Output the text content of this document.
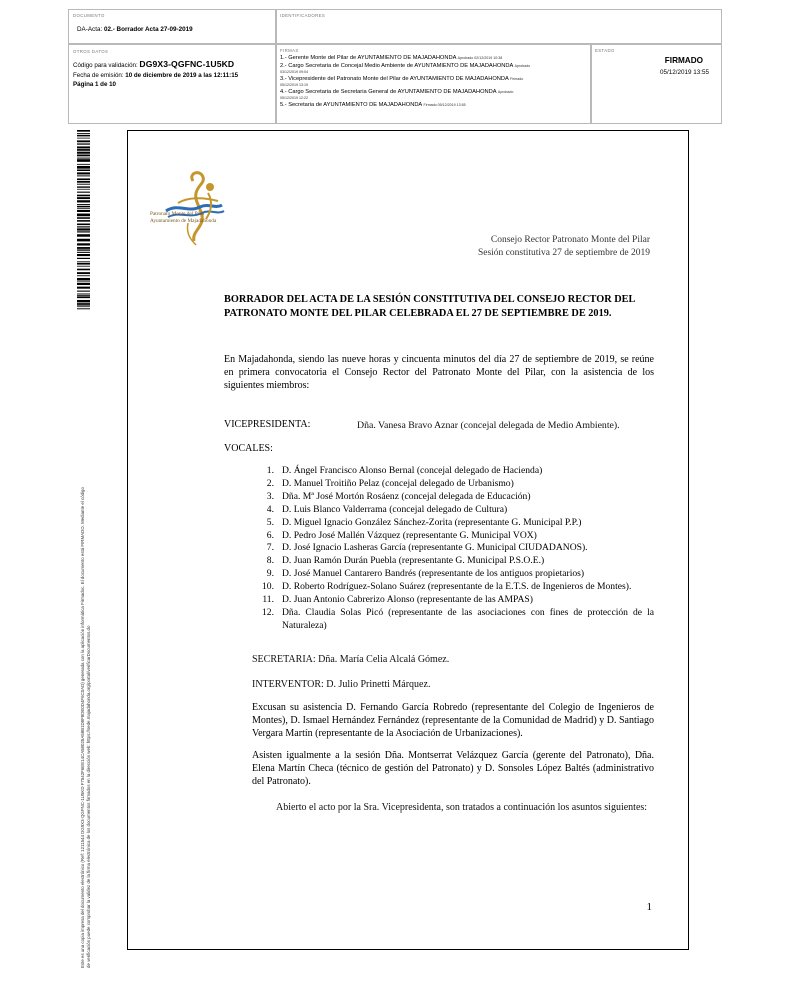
DOCUMENTO
DA-Acta: 02.- Borrador Acta 27-09-2019
IDENTIFICADORES
OTROS DATOS
Código para validación: DG9X3-QGFNC-1U5KD
Fecha de emisión: 10 de diciembre de 2019 a las 12:11:15
Página 1 de 10
FIRMAS
1.- Gerente Monte del Pilar de AYUNTAMIENTO DE MAJADAHONDA Aprobado 02/12/2019 10:38
2.- Cargo Secretaria de Concejal Medio Ambiente de AYUNTAMIENTO DE MAJADAHONDA Aprobado
03/12/2019 09:04
3.- Vicepresidente del Patronato Monte del Pilar de AYUNTAMIENTO DE MAJADAHONDA Firmado
05/12/2019 13:19
4.- Cargo Secretaria de Secretaria General de AYUNTAMIENTO DE MAJADAHONDA Aprobado
05/12/2019 12:22
5.- Secretaria de AYUNTAMIENTO DE MAJADAHONDA Firmado 05/12/2019 13:55
ESTADO
FIRMADO
05/12/2019 13:55
Este es una copia impresa del documento electrónico (Ref: 1211544 DG9X3-QGFNC-1U5KD F7542F6EE14CA58025A58B1D8F8DE0D4F6C0AD) generada con la aplicación informática Firmadoc. El documento está FIRMADO. Mediante el código de verificación puede comprobar la validez de la firma electrónica de los documentos firmados en la dirección web: https://sede.majadahonda.org/portal/verificarDocumentos.do
Patronato Monte del Pilar
Ayuntamiento de Majadahonda
Consejo Rector Patronato Monte del Pilar
Sesión constitutiva 27 de septiembre de 2019
BORRADOR DEL ACTA DE LA SESIÓN CONSTITUTIVA DEL CONSEJO RECTOR DEL PATRONATO MONTE DEL PILAR CELEBRADA EL 27 DE SEPTIEMBRE DE 2019.
En Majadahonda, siendo las nueve horas y cincuenta minutos del día 27 de septiembre de 2019, se reúne en primera convocatoria el Consejo Rector del Patronato Monte del Pilar, con la asistencia de los siguientes miembros:
VICEPRESIDENTA:	Dña. Vanesa Bravo Aznar (concejal delegada de Medio Ambiente).
VOCALES:
1. D. Ángel Francisco Alonso Bernal (concejal delegado de Hacienda)
2. D. Manuel Troitiño Pelaz (concejal delegado de Urbanismo)
3. Dña. Mª José Mortón Rosáenz (concejal delegada de Educación)
4. D. Luis Blanco Valderrama (concejal delegado de Cultura)
5. D. Miguel Ignacio González Sánchez-Zorita (representante G. Municipal P.P.)
6. D. Pedro José Mallén Vázquez (representante G. Municipal VOX)
7. D. José Ignacio Lasheras García (representante G. Municipal CIUDADANOS).
8. D. Juan Ramón Durán Puebla (representante G. Municipal P.S.O.E.)
9. D. José Manuel Cantarero Bandrés (representante de los antiguos propietarios)
10. D. Roberto Rodríguez-Solano Suárez (representante de la E.T.S. de Ingenieros de Montes).
11. D. Juan Antonio Cabrerizo Alonso (representante de las AMPAS)
12. Dña. Claudia Solas Picó (representante de las asociaciones con fines de protección de la Naturaleza)
SECRETARIA: Dña. María Celia Alcalá Gómez.
INTERVENTOR: D. Julio Prinetti Márquez.
Excusan su asistencia D. Fernando García Robredo (representante del Colegio de Ingenieros de Montes), D. Ismael Hernández Fernández (representante de la Comunidad de Madrid) y D. Santiago Vergara Martín (representante de la Asociación de Urbanizaciones).
Asisten igualmente a la sesión Dña. Montserrat Velázquez García (gerente del Patronato), Dña. Elena Martín Checa (técnico de gestión del Patronato) y D. Sonsoles López Baltés (administrativo del Patronato).
Abierto el acto por la Sra. Vicepresidenta, son tratados a continuación los asuntos siguientes:
1
